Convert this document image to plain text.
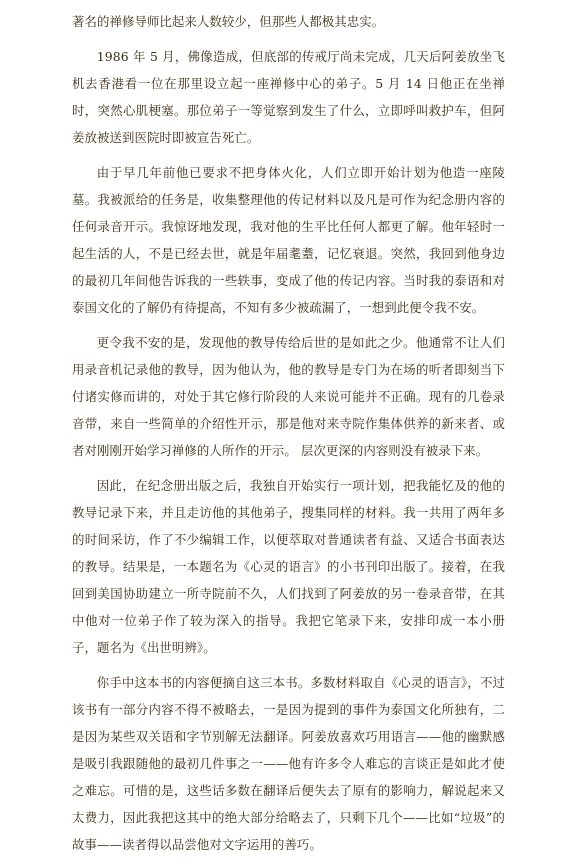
著名的禅修导师比起来人数较少，但那些人都极其忠实。

1986 年 5 月，佛像造成，但底部的传戒厅尚未完成，几天后阿姜放坐飞机去香港看一位在那里设立起一座禅修中心的弟子。5 月 14 日他正在坐禅时，突然心肌梗塞。那位弟子一等觉察到发生了什么，立即呼叫救护车，但阿姜放被送到医院时即被宣告死亡。

由于早几年前他已要求不把身体火化，人们立即开始计划为他造一座陵墓。我被派给的任务是，收集整理他的传记材料以及凡是可作为纪念册内容的任何录音开示。我惊讶地发现，我对他的生平比任何人都更了解。他年轻时一起生活的人，不是已经去世，就是年届耄耋，记忆衰退。突然，我回到他身边的最初几年间他告诉我的一些轶事，变成了他的传记内容。当时我的泰语和对泰国文化的了解仍有待提高，不知有多少被疏漏了，一想到此便令我不安。

更令我不安的是，发现他的教导传给后世的是如此之少。他通常不让人们用录音机记录他的教导，因为他认为，他的教导是专门为在场的听者即刻当下付诸实修而讲的，对处于其它修行阶段的人来说可能并不正确。现有的几卷录音带，来自一些简单的介绍性开示，那是他对来寺院作集体供养的新来者、或者对刚刚开始学习禅修的人所作的开示。 层次更深的内容则没有被录下来。

因此，在纪念册出版之后，我独自开始实行一项计划，把我能忆及的他的教导记录下来，并且走访他的其他弟子，搜集同样的材料。我一共用了两年多的时间采访，作了不少编辑工作，以便萃取对普通读者有益、又适合书面表达的教导。结果是，一本题名为《心灵的语言》的小书刊印出版了。接着，在我回到美国协助建立一所寺院前不久，人们找到了阿姜放的另一卷录音带，在其中他对一位弟子作了较为深入的指导。我把它笔录下来，安排印成一本小册子，题名为《出世明辨》。

你手中这本书的内容便摘自这三本书。多数材料取自《心灵的语言》，不过该书有一部分内容不得不被略去，一是因为提到的事件为泰国文化所独有，二是因为某些双关语和字节别解无法翻译。阿姜放喜欢巧用语言——他的幽默感是吸引我跟随他的最初几件事之一——他有许多令人难忘的言谈正是如此才使之难忘。可惜的是，这些话多数在翻译后便失去了原有的影响力，解说起来又太费力，因此我把这其中的绝大部分给略去了，只剩下几个——比如“垃圾”的故事——读者得以品尝他对文字运用的善巧。
